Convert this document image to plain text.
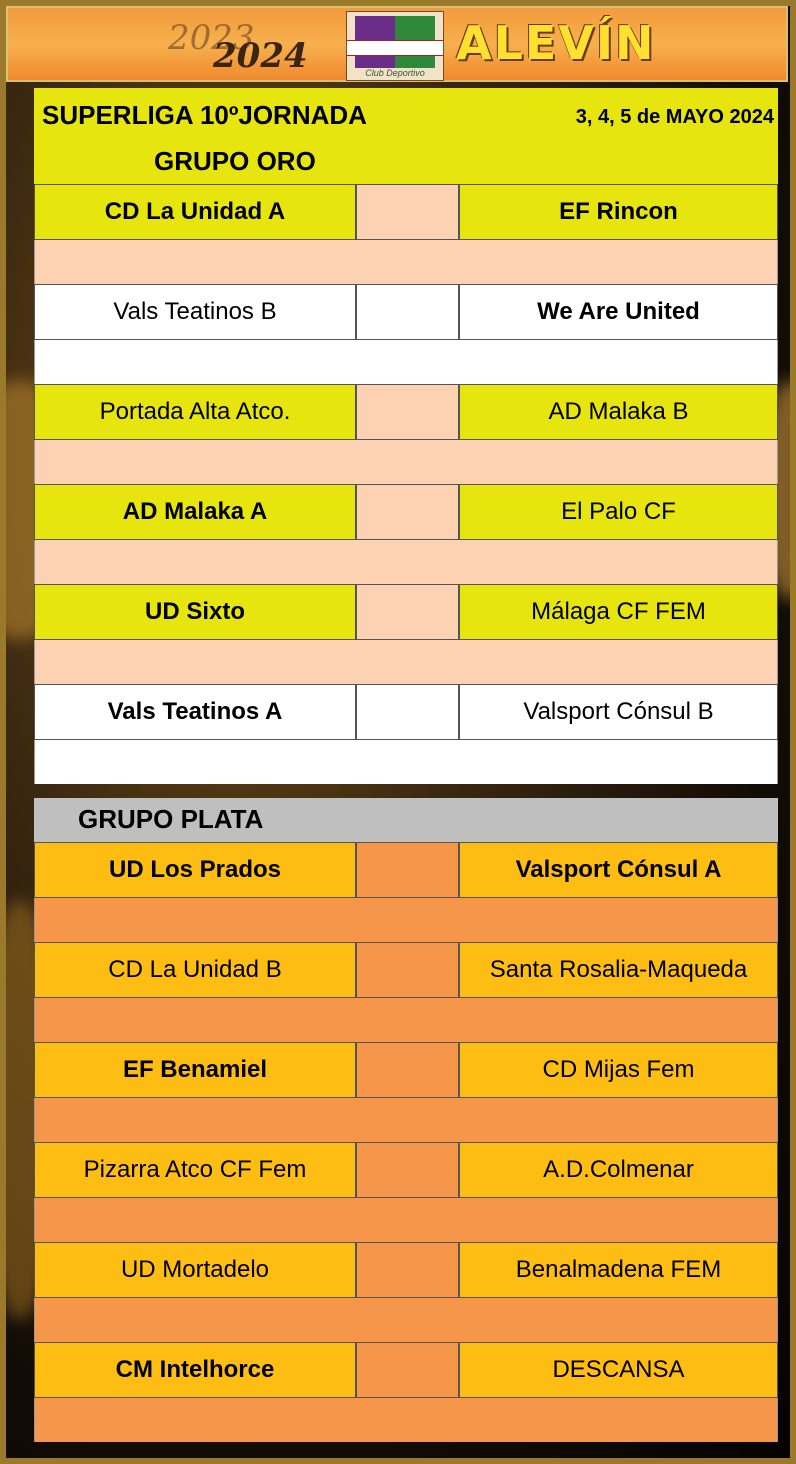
2023
2024	Club Deportivo
ALEVÍN
SUPERLIGA 10ºJORNADA
GRUPO ORO
3, 4, 5 de MAYO 2024
CD La Unidad A	EF Rincon
Vals Teatinos B	We Are United
Portada Alta Atco.	AD Malaka B
AD Malaka A	El Palo CF
UD Sixto	Málaga CF FEM
Vals Teatinos A	Valsport Cónsul B
GRUPO PLATA
UD Los Prados	Valsport Cónsul A
CD La Unidad B	Santa Rosalia-Maqueda
EF Benamiel	CD Mijas Fem
Pizarra Atco CF Fem	A.D.Colmenar
UD Mortadelo	Benalmadena FEM
CM Intelhorce	DESCANSA
